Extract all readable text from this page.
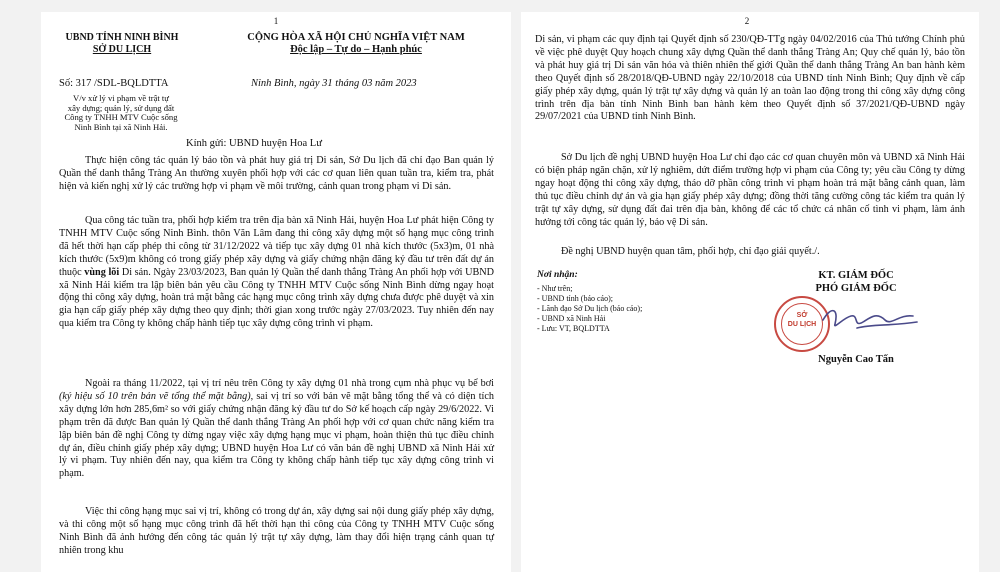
1
UBND TỈNH NINH BÌNH
SỞ DU LỊCH
CỘNG HÒA XÃ HỘI CHỦ NGHĨA VIỆT NAM
Độc lập – Tự do – Hạnh phúc
Số: 317 /SDL-BQLDTTA	Ninh Bình, ngày 31 tháng 03 năm 2023
V/v xử lý vi phạm về trật tự
xây dựng; quản lý, sử dụng đất
Công ty TNHH MTV Cuộc sống
Ninh Bình tại xã Ninh Hải.
Kính gửi: UBND huyện Hoa Lư
Thực hiện công tác quản lý bảo tồn và phát huy giá trị Di sản, Sở Du lịch đã chỉ đạo Ban quản lý Quần thể danh thắng Tràng An thường xuyên phối hợp với các cơ quan liên quan tuần tra, kiểm tra, phát hiện và kiến nghị xử lý các trường hợp vi phạm về môi trường, cảnh quan trong phạm vi Di sản.
Qua công tác tuần tra, phối hợp kiểm tra trên địa bàn xã Ninh Hải, huyện Hoa Lư phát hiện Công ty TNHH MTV Cuộc sống Ninh Bình. thôn Văn Lâm đang thi công xây dựng một số hạng mục công trình đã hết thời hạn cấp phép thi công từ 31/12/2022 và tiếp tục xây dựng 01 nhà kích thước (5x3)m, 01 nhà kích thước (5x9)m không có trong giấy phép xây dựng và giấy chứng nhận đăng ký đầu tư trên đất dự án thuộc vùng lõi Di sản. Ngày 23/03/2023, Ban quản lý Quần thể danh thắng Tràng An phối hợp với UBND xã Ninh Hải kiểm tra lập biên bản yêu cầu Công ty TNHH MTV Cuộc sống Ninh Bình dừng ngay hoạt động thi công xây dựng, hoàn trả mặt bằng các hạng mục công trình xây dựng chưa được phê duyệt và xin gia hạn cấp giấy phép xây dựng theo quy định; thời gian xong trước ngày 27/03/2023. Tuy nhiên đến nay qua kiểm tra Công ty không chấp hành tiếp tục xây dựng công trình vi phạm.
Ngoài ra tháng 11/2022, tại vị trí nêu trên Công ty xây dựng 01 nhà trong cụm nhà phục vụ bể bơi (ký hiệu số 10 trên bản vẽ tổng thể mặt bằng), sai vị trí so với bản vẽ mặt bằng tổng thể và có diện tích xây dựng lớn hơn 285,6m² so với giấy chứng nhận đăng ký đầu tư do Sở kế hoạch cấp ngày 29/6/2022. Vi phạm trên đã được Ban quản lý Quần thể danh thắng Tràng An phối hợp với cơ quan chức năng kiểm tra lập biên bản đề nghị Công ty dừng ngay việc xây dựng hạng mục vi phạm, hoàn thiện thủ tục điều chỉnh dự án, điều chỉnh giấy phép xây dựng; UBND huyện Hoa Lư có văn bản đề nghị UBND xã Ninh Hải xử lý vi phạm. Tuy nhiên đến nay, qua kiểm tra Công ty không chấp hành tiếp tục xây dựng công trình vi phạm.
Việc thi công hạng mục sai vị trí, không có trong dự án, xây dựng sai nội dung giấy phép xây dựng, và thi công một số hạng mục công trình đã hết thời hạn thi công của Công ty TNHH MTV Cuộc sống Ninh Bình đã ảnh hưởng đến công tác quản lý trật tự xây dựng, làm thay đổi hiện trạng cảnh quan tự nhiên trong khu
2
Di sản, vi phạm các quy định tại Quyết định số 230/QĐ-TTg ngày 04/02/2016 của Thủ tướng Chính phủ về việc phê duyệt Quy hoạch chung xây dựng Quần thể danh thắng Tràng An; Quy chế quản lý, bảo tồn và phát huy giá trị Di sản văn hóa và thiên nhiên thế giới Quần thể danh thắng Tràng An ban hành kèm theo Quyết định số 28/2018/QĐ-UBND ngày 22/10/2018 của UBND tỉnh Ninh Bình; Quy định về cấp giấy phép xây dựng, quản lý trật tự xây dựng và quản lý an toàn lao động trong thi công xây dựng công trình trên địa bàn tỉnh Ninh Bình ban hành kèm theo Quyết định số 37/2021/QĐ-UBND ngày 29/07/2021 của UBND tỉnh Ninh Bình.
Sở Du lịch đề nghị UBND huyện Hoa Lư chỉ đạo các cơ quan chuyên môn và UBND xã Ninh Hải có biện pháp ngăn chặn, xử lý nghiêm, dứt điểm trường hợp vi phạm của Công ty; yêu cầu Công ty dừng ngay hoạt động thi công xây dựng, tháo dỡ phần công trình vi phạm hoàn trả mặt bằng cảnh quan, làm thủ tục điều chỉnh dự án và gia hạn giấy phép xây dựng; đồng thời tăng cường công tác kiểm tra quản lý trật tự xây dựng, sử dụng đất đai trên địa bàn, không để các tổ chức cá nhân cố tình vi phạm, làm ảnh hưởng tới công tác quản lý, bảo vệ Di sản.
Đề nghị UBND huyện quan tâm, phối hợp, chỉ đạo giải quyết./.
Nơi nhận:
- Như trên;
- UBND tỉnh (báo cáo);
- Lãnh đạo Sở Du lịch (báo cáo);
- UBND xã Ninh Hải
- Lưu: VT, BQLDTTA
KT. GIÁM ĐỐC
PHÓ GIÁM ĐỐC
SỞ
DU LỊCH
Nguyễn Cao Tấn
